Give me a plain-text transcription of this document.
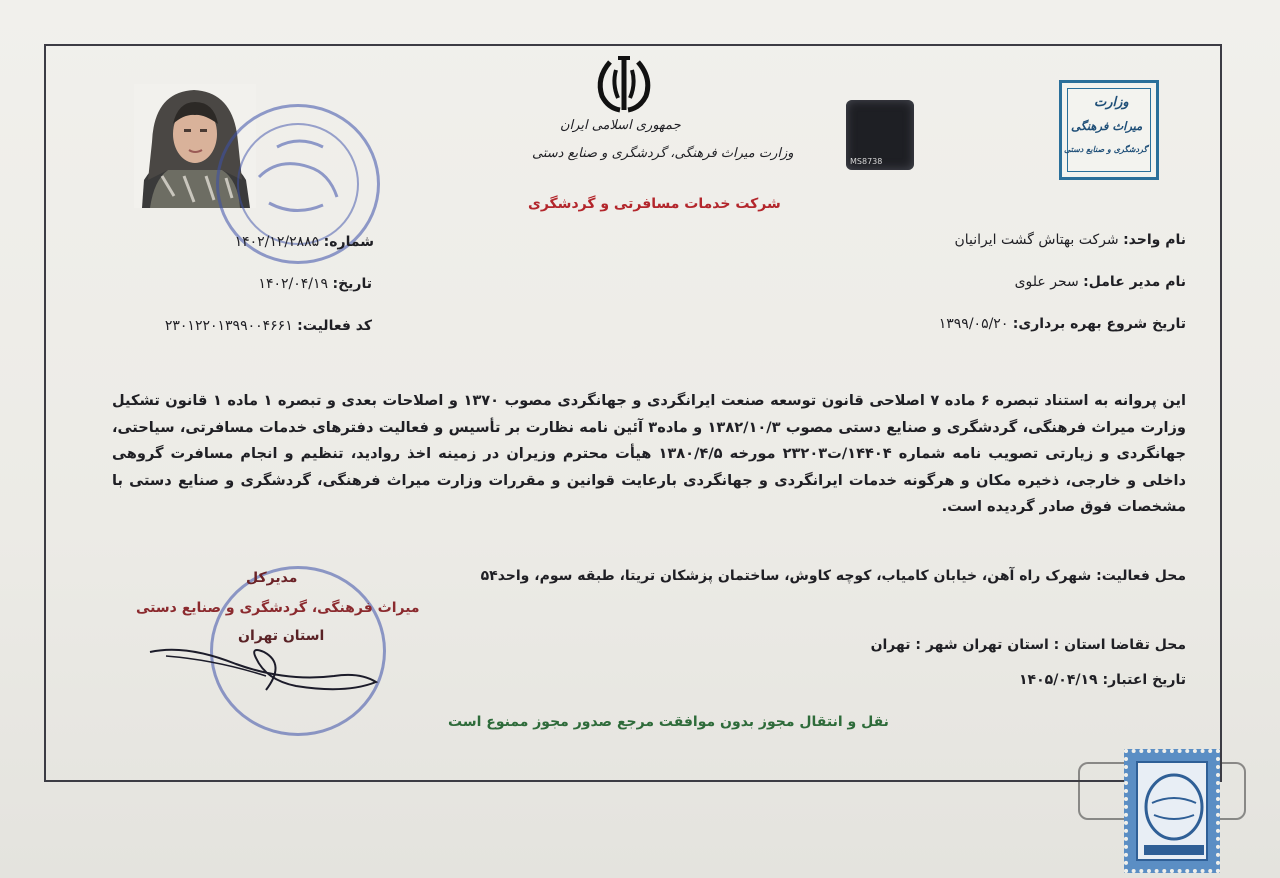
جمهوری اسلامی ایران
وزارت میراث فرهنگی، گردشگری و صنایع دستی
شرکت خدمات مسافرتی و گردشگری
MS8738
وزارت
میراث فرهنگی
گردشگری و صنایع دستی
نام واحد: شرکت بهتاش گشت ایرانیان
نام مدیر عامل: سحر علوی
تاریخ شروع بهره برداری: ۱۳۹۹/۰۵/۲۰
شماره: ۱۴۰۲/۱۲/۲۸۸۵
تاریخ: ۱۴۰۲/۰۴/۱۹
کد فعالیت: ۲۳۰۱۲۲۰۱۳۹۹۰۰۴۶۶۱
این پروانه به استناد تبصره ۶ ماده ۷ اصلاحی قانون توسعه صنعت ایرانگردی و جهانگردی مصوب ۱۳۷۰ و اصلاحات بعدی و تبصره ۱ ماده ۱ قانون تشکیل وزارت میراث فرهنگی، گردشگری و صنایع دستی مصوب ۱۳۸۲/۱۰/۳ و ماده۳ آئین نامه نظارت بر تأسیس و فعالیت دفترهای خدمات مسافرتی، سیاحتی، جهانگردی و زیارتی تصویب نامه شماره ۱۴۴۰۴/ت۲۳۲۰۳ مورخه ۱۳۸۰/۴/۵ هیأت محترم وزیران در زمینه اخذ روادید، تنظیم و انجام مسافرت گروهی داخلی و خارجی، ذخیره مکان و هرگونه خدمات ایرانگردی و جهانگردی بارعایت قوانین و مقررات وزارت میراث فرهنگی، گردشگری و صنایع دستی با مشخصات فوق صادر گردیده است.
محل فعالیت: شهرک راه آهن، خیابان کامیاب، کوچه کاوش، ساختمان پزشکان تریتا، طبقه سوم، واحد۵۴
محل تقاضا استان : استان تهران شهر : تهران
تاریخ اعتبار: ۱۴۰۵/۰۴/۱۹
مدیرکل
میراث فرهنگی، گردشگری و صنایع دستی
استان تهران
نقل و انتقال مجوز بدون موافقت مرجع صدور مجوز ممنوع است
